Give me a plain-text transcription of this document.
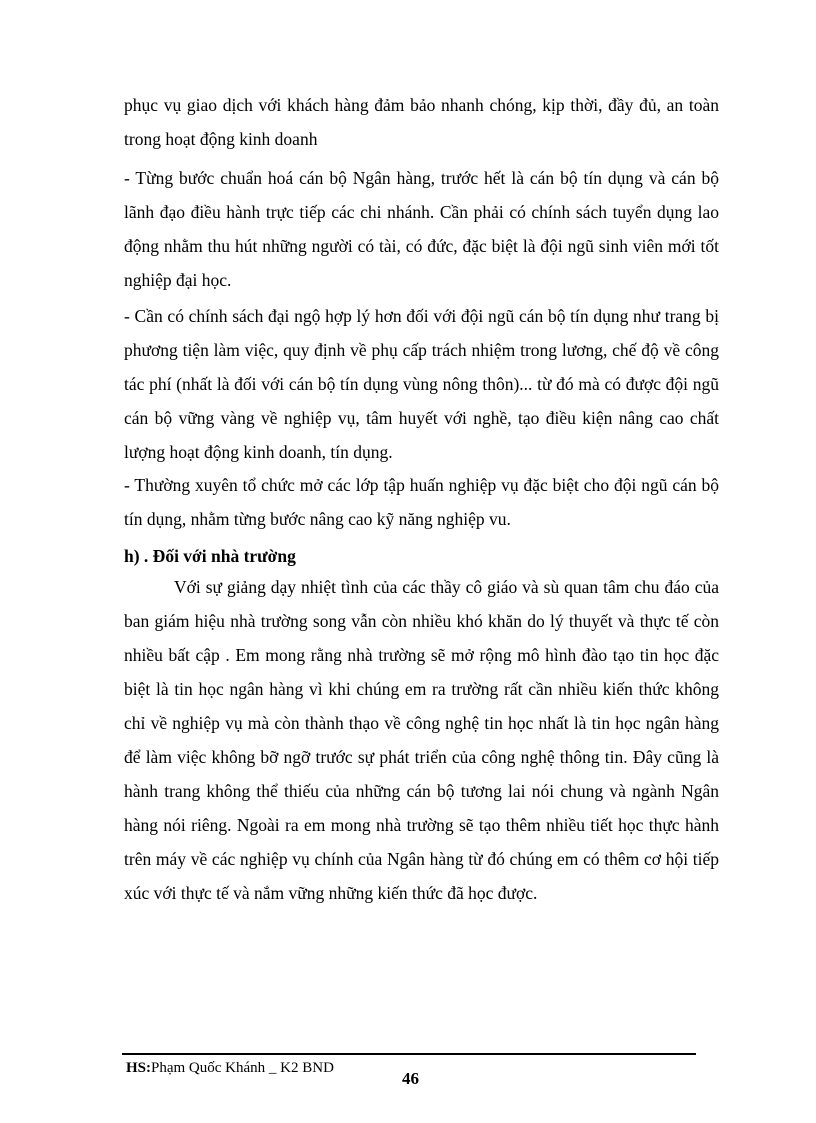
phục vụ giao dịch với khách hàng đảm bảo nhanh chóng, kịp thời, đầy đủ, an toàn trong hoạt động kinh doanh

- Từng bước chuẩn hoá cán bộ Ngân hàng, trước hết là cán bộ tín dụng và cán bộ lãnh đạo điều hành trực tiếp các chi nhánh. Cần phải có chính sách tuyển dụng lao động nhằm thu hút những người có tài, có đức, đặc biệt là đội ngũ sinh viên mới tốt nghiệp đại học.

- Cần có chính sách đại ngộ hợp lý hơn đối với đội ngũ cán bộ tín dụng như trang bị phương tiện làm việc, quy định về phụ cấp trách nhiệm trong lương, chế độ về công tác phí (nhất là đối với cán bộ tín dụng vùng nông thôn)... từ đó mà có được đội ngũ cán bộ vững vàng về nghiệp vụ, tâm huyết với nghề, tạo điều kiện nâng cao chất lượng hoạt động kinh doanh, tín dụng.

- Thường xuyên tổ chức mở các lớp tập huấn nghiệp vụ đặc biệt cho đội ngũ cán bộ tín dụng, nhằm từng bước nâng cao kỹ năng nghiệp vu.

h) . Đối với nhà trường

Với sự giảng dạy nhiệt tình của các thầy cô giáo và sù quan tâm chu đáo của ban giám hiệu nhà trường song vẫn còn nhiều khó khăn do lý thuyết và thực tế còn nhiều bất cập . Em mong rằng nhà trường sẽ mở rộng mô hình đào tạo tin học đặc biệt là tin học ngân hàng vì khi chúng em ra trường rất cần nhiều kiến thức không chỉ về nghiệp vụ mà còn thành thạo về công nghệ tin học nhất là tin học ngân hàng để làm việc không bỡ ngỡ trước sự phát triển của công nghệ thông tin. Đây cũng là hành trang không thể thiếu của những cán bộ tương lai nói chung và ngành Ngân hàng nói riêng. Ngoài ra em mong nhà trường sẽ tạo thêm nhiều tiết học thực hành trên máy về các nghiệp vụ chính của Ngân hàng từ đó chúng em có thêm cơ hội tiếp xúc với thực tế và nắm vững những kiến thức đã học được.

HS:Phạm Quốc Khánh _ K2 BND
46
